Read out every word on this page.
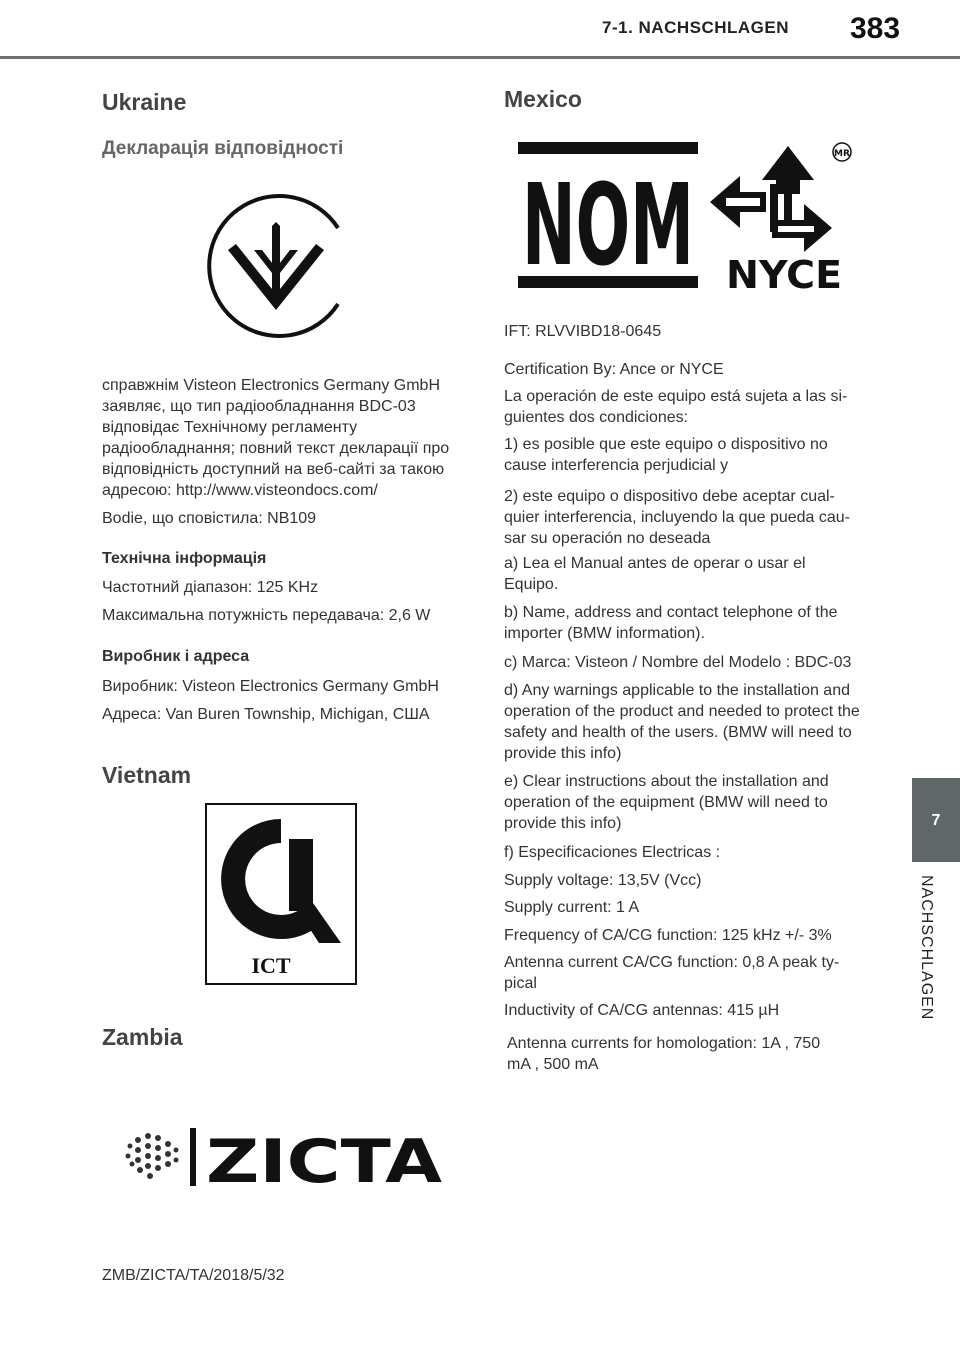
7-1. NACHSCHLAGEN 383
7
NACHSCHLAGEN
Ukraine
Декларація відповідності
справжнім Visteon Electronics Germany GmbH заявляє, що тип радіообладнання BDC-03 відповідає Технічному регламенту радіообладнання; повний текст декларації про відповідність доступний на веб-сайті за такою адресою: http://www.visteondocs.com/
Bodie, що сповістила: NB109
Технічна інформація
Частотний діапазон: 125 KHz
Максимальна потужність передавача: 2,6 W
Виробник і адреса
Виробник: Visteon Electronics Germany GmbH
Адреса: Van Buren Township, Michigan, США
Vietnam
ICT
Zambia
ZICTA
ZMB/ZICTA/TA/2018/5/32
Mexico
NOM NYCE
MR
IFT: RLVVIBD18-0645
Certification By: Ance or NYCE
La operación de este equipo está sujeta a las si-guientes dos condiciones:
1) es posible que este equipo o dispositivo no cause interferencia perjudicial y
2) este equipo o dispositivo debe aceptar cual-quier interferencia, incluyendo la que pueda cau-sar su operación no deseada
a) Lea el Manual antes de operar o usar el Equipo.
b) Name, address and contact telephone of the importer (BMW information).
c) Marca: Visteon / Nombre del Modelo : BDC-03
d) Any warnings applicable to the installation and operation of the product and needed to protect the safety and health of the users. (BMW will need to provide this info)
e) Clear instructions about the installation and operation of the equipment (BMW will need to provide this info)
f) Especificaciones Electricas :
Supply voltage: 13,5V (Vcc)
Supply current: 1 A
Frequency of CA/CG function: 125 kHz +/- 3%
Antenna current CA/CG function: 0,8 A peak ty-pical
Inductivity of CA/CG antennas: 415 µH
Antenna currents for homologation: 1A , 750 mA , 500 mA
